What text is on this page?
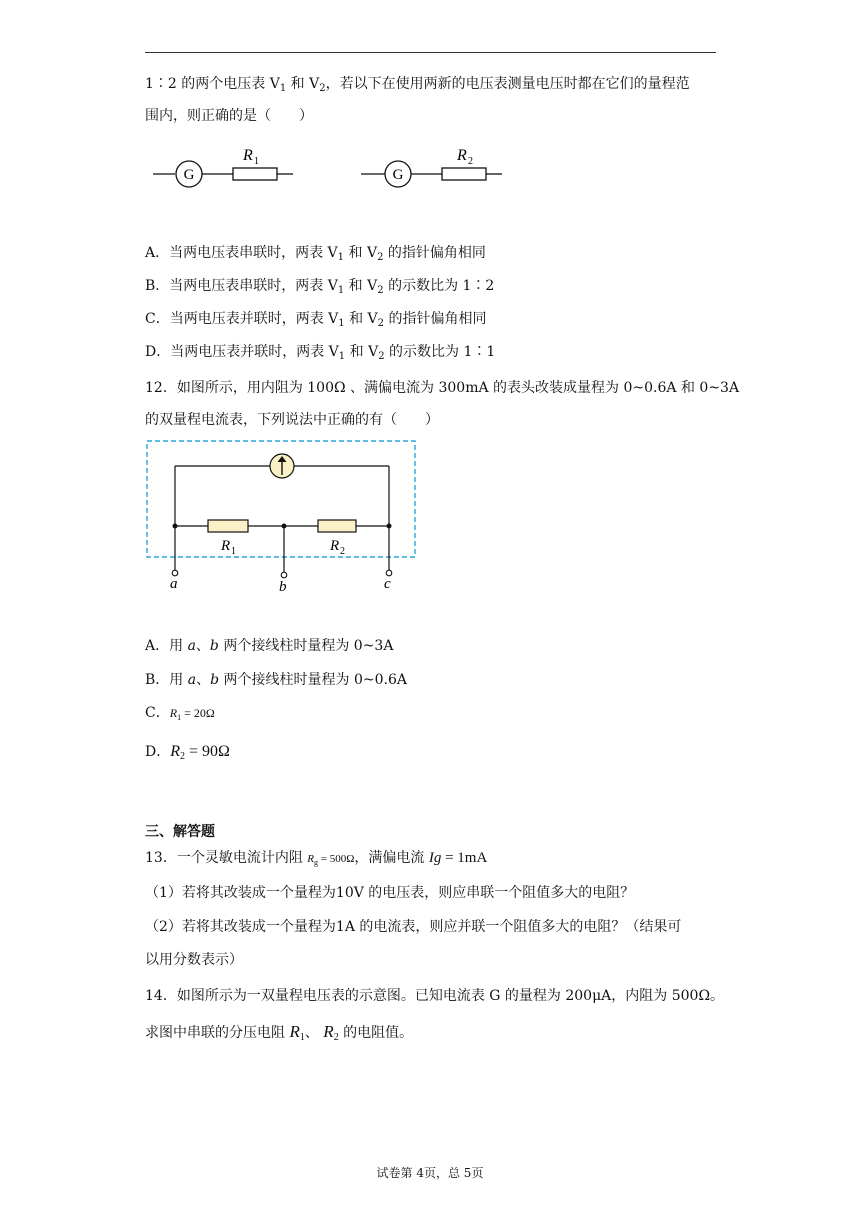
1∶2 的两个电压表 $V_1$ 和 $V_2$，若以下在使用两新的电压表测量电压时都在它们的量程范
围内，则正确的是（　　）
G
R 1
G
R 2
A．当两电压表串联时，两表 $V_1$ 和 $V_2$ 的指针偏角相同
B．当两电压表串联时，两表 $V_1$ 和 $V_2$ 的示数比为 1∶2
C．当两电压表并联时，两表 $V_1$ 和 $V_2$ 的指针偏角相同
D．当两电压表并联时，两表 $V_1$ 和 $V_2$ 的示数比为 1∶1
12．如图所示，用内阻为 100Ω 、满偏电流为 300mA 的表头改装成量程为 0~0.6A 和 0~3A
的双量程电流表，下列说法中正确的有（　　）
R 1	R 2
a	b	c
A．用 a、b 两个接线柱时量程为 0~3A
B．用 a、b 两个接线柱时量程为 0~0.6A
C．$R_1 = 20\Omega$
D．$R_2 = 90\Omega$
三、解答题
13．一个灵敏电流计内阻 $R_g = 500\Omega$，满偏电流 Ig = 1mA
（1）若将其改装成一个量程为10V 的电压表，则应串联一个阻值多大的电阻？
（2）若将其改装成一个量程为1A 的电流表，则应并联一个阻值多大的电阻？（结果可
以用分数表示）
14．如图所示为一双量程电压表的示意图。已知电流表 G 的量程为 200μA，内阻为 500Ω。
求图中串联的分压电阻 $R_1$、 $R_2$ 的电阻值。
试卷第 4页，总 5页
